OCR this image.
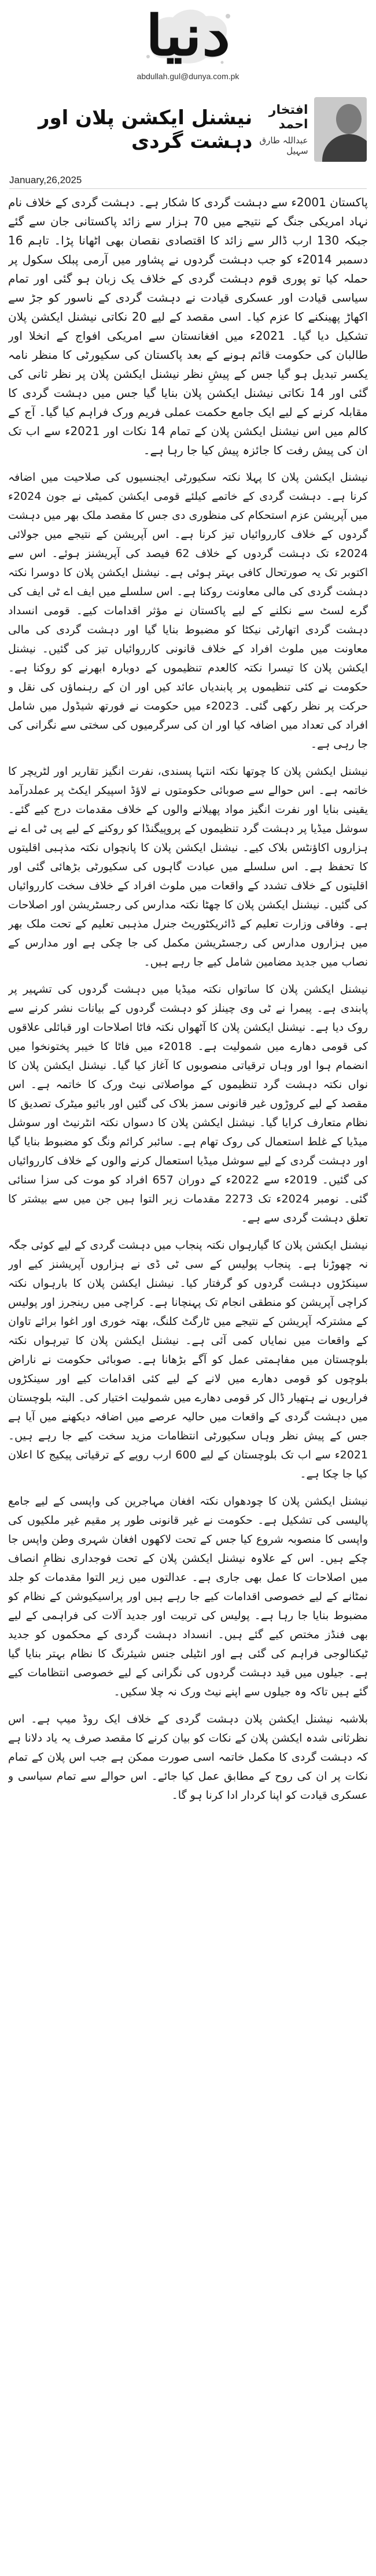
دنیا
abdullah.gul@dunya.com.pk
نیشنل ایکشن پلان اور دہشت گردی
افتخار احمد
عبداللہ طارق سہیل
January,26,2025

پاکستان 2001ء سے دہشت گردی کا شکار ہے۔ دہشت گردی کے خلاف نام نہاد امریکی جنگ کے نتیجے میں 70 ہزار سے زائد پاکستانی جان سے گئے جبکہ 130 ارب ڈالر سے زائد کا اقتصادی نقصان بھی اٹھانا پڑا۔ تاہم 16 دسمبر 2014ء کو جب دہشت گردوں نے پشاور میں آرمی پبلک سکول پر حملہ کیا تو پوری قوم دہشت گردی کے خلاف یک زبان ہو گئی اور تمام سیاسی قیادت اور عسکری قیادت نے دہشت گردی کے ناسور کو جڑ سے اکھاڑ پھینکنے کا عزم کیا۔ اسی مقصد کے لیے 20 نکاتی نیشنل ایکشن پلان تشکیل دیا گیا۔ 2021ء میں افغانستان سے امریکی افواج کے انخلا اور طالبان کی حکومت قائم ہونے کے بعد پاکستان کی سکیورٹی کا منظر نامہ یکسر تبدیل ہو گیا جس کے پیشِ نظر نیشنل ایکشن پلان پر نظر ثانی کی گئی اور 14 نکاتی نیشنل ایکشن پلان بنایا گیا جس میں دہشت گردی کا مقابلہ کرنے کے لیے ایک جامع حکمت عملی فریم ورک فراہم کیا گیا۔ آج کے کالم میں اس نیشنل ایکشن پلان کے تمام 14 نکات اور 2021ء سے اب تک ان کی پیش رفت کا جائزہ پیش کیا جا رہا ہے۔

نیشنل ایکشن پلان کا پہلا نکتہ سکیورٹی ایجنسیوں کی صلاحیت میں اضافہ کرنا ہے۔ دہشت گردی کے خاتمے کیلئے قومی ایکشن کمیٹی نے جون 2024ء میں آپریشن عزم استحکام کی منظوری دی جس کا مقصد ملک بھر میں دہشت گردوں کے خلاف کارروائیاں تیز کرنا ہے۔ اس آپریشن کے نتیجے میں جولائی 2024ء تک دہشت گردوں کے خلاف 62 فیصد کی آپریشنز ہوئے۔ اس سے اکتوبر تک یہ صورتحال کافی بہتر ہوئی ہے۔ نیشنل ایکشن پلان کا دوسرا نکتہ دہشت گردی کی مالی معاونت روکنا ہے۔ اس سلسلے میں ایف اے ٹی ایف کی گرے لسٹ سے نکلنے کے لیے پاکستان نے مؤثر اقدامات کیے۔ قومی انسداد دہشت گردی اتھارٹی نیکٹا کو مضبوط بنایا گیا اور دہشت گردی کی مالی معاونت میں ملوث افراد کے خلاف قانونی کارروائیاں تیز کی گئیں۔ نیشنل ایکشن پلان کا تیسرا نکتہ کالعدم تنظیموں کے دوبارہ ابھرنے کو روکنا ہے۔ حکومت نے کئی تنظیموں پر پابندیاں عائد کیں اور ان کے رہنماؤں کی نقل و حرکت پر نظر رکھی گئی۔ 2023ء میں حکومت نے فورتھ شیڈول میں شامل افراد کی تعداد میں اضافہ کیا اور ان کی سرگرمیوں کی سختی سے نگرانی کی جا رہی ہے۔

نیشنل ایکشن پلان کا چوتھا نکتہ انتہا پسندی، نفرت انگیز تقاریر اور لٹریچر کا خاتمہ ہے۔ اس حوالے سے صوبائی حکومتوں نے لاؤڈ اسپیکر ایکٹ پر عملدرآمد یقینی بنایا اور نفرت انگیز مواد پھیلانے والوں کے خلاف مقدمات درج کیے گئے۔ سوشل میڈیا پر دہشت گرد تنظیموں کے پروپیگنڈا کو روکنے کے لیے پی ٹی اے نے ہزاروں اکاؤنٹس بلاک کیے۔ نیشنل ایکشن پلان کا پانچواں نکتہ مذہبی اقلیتوں کا تحفظ ہے۔ اس سلسلے میں عبادت گاہوں کی سکیورٹی بڑھائی گئی اور اقلیتوں کے خلاف تشدد کے واقعات میں ملوث افراد کے خلاف سخت کارروائیاں کی گئیں۔ نیشنل ایکشن پلان کا چھٹا نکتہ مدارس کی رجسٹریشن اور اصلاحات ہے۔ وفاقی وزارت تعلیم کے ڈائریکٹوریٹ جنرل مذہبی تعلیم کے تحت ملک بھر میں ہزاروں مدارس کی رجسٹریشن مکمل کی جا چکی ہے اور مدارس کے نصاب میں جدید مضامین شامل کیے جا رہے ہیں۔

نیشنل ایکشن پلان کا ساتواں نکتہ میڈیا میں دہشت گردوں کی تشہیر پر پابندی ہے۔ پیمرا نے ٹی وی چینلز کو دہشت گردوں کے بیانات نشر کرنے سے روک دیا ہے۔ نیشنل ایکشن پلان کا آٹھواں نکتہ فاٹا اصلاحات اور قبائلی علاقوں کی قومی دھارے میں شمولیت ہے۔ 2018ء میں فاٹا کا خیبر پختونخوا میں انضمام ہوا اور وہاں ترقیاتی منصوبوں کا آغاز کیا گیا۔ نیشنل ایکشن پلان کا نواں نکتہ دہشت گرد تنظیموں کے مواصلاتی نیٹ ورک کا خاتمہ ہے۔ اس مقصد کے لیے کروڑوں غیر قانونی سمز بلاک کی گئیں اور بائیو میٹرک تصدیق کا نظام متعارف کرایا گیا۔ نیشنل ایکشن پلان کا دسواں نکتہ انٹرنیٹ اور سوشل میڈیا کے غلط استعمال کی روک تھام ہے۔ سائبر کرائم ونگ کو مضبوط بنایا گیا اور دہشت گردی کے لیے سوشل میڈیا استعمال کرنے والوں کے خلاف کارروائیاں کی گئیں۔ 2019ء سے 2022ء کے دوران 657 افراد کو موت کی سزا سنائی گئی۔ نومبر 2024ء تک 2273 مقدمات زیر التوا ہیں جن میں سے بیشتر کا تعلق دہشت گردی سے ہے۔

نیشنل ایکشن پلان کا گیارہواں نکتہ پنجاب میں دہشت گردی کے لیے کوئی جگہ نہ چھوڑنا ہے۔ پنجاب پولیس کے سی ٹی ڈی نے ہزاروں آپریشنز کیے اور سینکڑوں دہشت گردوں کو گرفتار کیا۔ نیشنل ایکشن پلان کا بارہواں نکتہ کراچی آپریشن کو منطقی انجام تک پہنچانا ہے۔ کراچی میں رینجرز اور پولیس کے مشترکہ آپریشن کے نتیجے میں ٹارگٹ کلنگ، بھتہ خوری اور اغوا برائے تاوان کے واقعات میں نمایاں کمی آئی ہے۔ نیشنل ایکشن پلان کا تیرہواں نکتہ بلوچستان میں مفاہمتی عمل کو آگے بڑھانا ہے۔ صوبائی حکومت نے ناراض بلوچوں کو قومی دھارے میں لانے کے لیے کئی اقدامات کیے اور سینکڑوں فراریوں نے ہتھیار ڈال کر قومی دھارے میں شمولیت اختیار کی۔ البتہ بلوچستان میں دہشت گردی کے واقعات میں حالیہ عرصے میں اضافہ دیکھنے میں آیا ہے جس کے پیش نظر وہاں سکیورٹی انتظامات مزید سخت کیے جا رہے ہیں۔ 2021ء سے اب تک بلوچستان کے لیے 600 ارب روپے کے ترقیاتی پیکیج کا اعلان کیا جا چکا ہے۔

نیشنل ایکشن پلان کا چودھواں نکتہ افغان مہاجرین کی واپسی کے لیے جامع پالیسی کی تشکیل ہے۔ حکومت نے غیر قانونی طور پر مقیم غیر ملکیوں کی واپسی کا منصوبہ شروع کیا جس کے تحت لاکھوں افغان شہری وطن واپس جا چکے ہیں۔ اس کے علاوہ نیشنل ایکشن پلان کے تحت فوجداری نظامِ انصاف میں اصلاحات کا عمل بھی جاری ہے۔ عدالتوں میں زیر التوا مقدمات کو جلد نمٹانے کے لیے خصوصی اقدامات کیے جا رہے ہیں اور پراسیکیوشن کے نظام کو مضبوط بنایا جا رہا ہے۔ پولیس کی تربیت اور جدید آلات کی فراہمی کے لیے بھی فنڈز مختص کیے گئے ہیں۔ انسداد دہشت گردی کے محکموں کو جدید ٹیکنالوجی فراہم کی گئی ہے اور انٹیلی جنس شیئرنگ کا نظام بہتر بنایا گیا ہے۔ جیلوں میں قید دہشت گردوں کی نگرانی کے لیے خصوصی انتظامات کیے گئے ہیں تاکہ وہ جیلوں سے اپنے نیٹ ورک نہ چلا سکیں۔

بلاشبہ نیشنل ایکشن پلان دہشت گردی کے خلاف ایک روڈ میپ ہے۔ اس نظرثانی شدہ ایکشن پلان کے نکات کو بیان کرنے کا مقصد صرف یہ یاد دلانا ہے کہ دہشت گردی کا مکمل خاتمہ اسی صورت ممکن ہے جب اس پلان کے تمام نکات پر ان کی روح کے مطابق عمل کیا جائے۔ اس حوالے سے تمام سیاسی و عسکری قیادت کو اپنا کردار ادا کرنا ہو گا۔
